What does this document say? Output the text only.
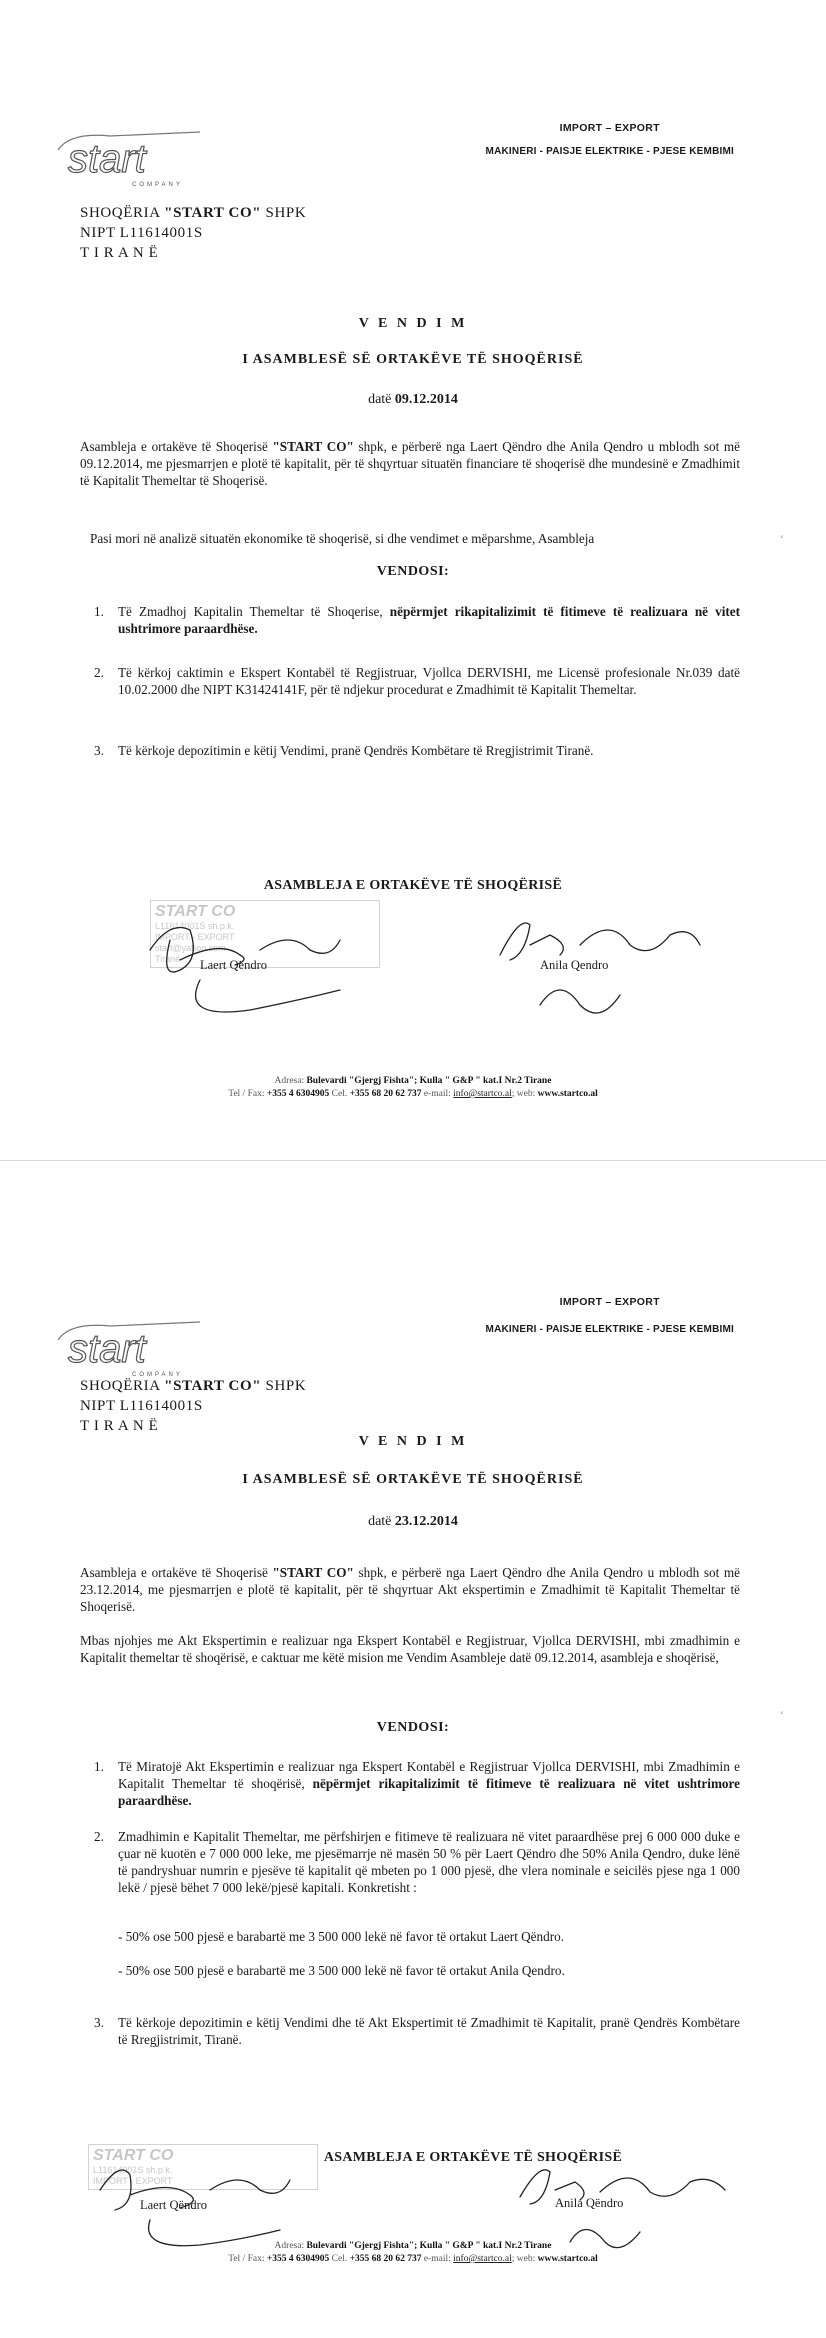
start
COMPANY
IMPORT – EXPORT
MAKINERI - PAISJE ELEKTRIKE - PJESE KEMBIMI
SHOQËRIA "START CO" SHPK
NIPT L11614001S
T I R A N Ë
V E N D I M
I ASAMBLESË SË ORTAKËVE TË SHOQËRISË
datë 09.12.2014
Asambleja e ortakëve të Shoqerisë "START CO" shpk, e përberë nga Laert Qëndro dhe Anila Qendro u mblodh sot më 09.12.2014, me pjesmarrjen e plotë të kapitalit, për të shqyrtuar situatën financiare të shoqerisë dhe mundesinë e Zmadhimit të Kapitalit Themeltar të Shoqerisë.
Pasi mori në analizë situatën ekonomike të shoqerisë, si dhe vendimet e mëparshme, Asambleja	ʻ
VENDOSI:
1. Të Zmadhoj Kapitalin Themeltar të Shoqerise, nëpërmjet rikapitalizimit të fitimeve të realizuara në vitet ushtrimore paraardhëse.
2. Të kërkoj caktimin e Ekspert Kontabël të Regjistruar, Vjollca DERVISHI, me Licensë profesionale Nr.039 datë 10.02.2000 dhe NIPT K31424141F, për të ndjekur procedurat e Zmadhimit të Kapitalit Themeltar.
3. Të kërkoje depozitimin e këtij Vendimi, pranë Qendrës Kombëtare të Rregjistrimit Tiranë.
ASAMBLEJA E ORTAKËVE TË SHOQËRISË
START CO
L11614001S sh.p.k.
IMPORT - EXPORT
start@yahoo.com
Tiranë	Laert Qëndro	Anila Qendro
Adresa: Bulevardi "Gjergj Fishta"; Kulla " G&P " kat.I Nr.2 Tirane
Tel / Fax: +355 4 6304905 Cel. +355 68 20 62 737 e-mail: info@startco.al; web: www.startco.al
start
COMPANY
IMPORT – EXPORT
MAKINERI - PAISJE ELEKTRIKE - PJESE KEMBIMI
SHOQËRIA "START CO" SHPK
NIPT L11614001S
T I R A N Ë
V E N D I M
I ASAMBLESË SË ORTAKËVE TË SHOQËRISË
datë 23.12.2014
Asambleja e ortakëve të Shoqerisë "START CO" shpk, e përberë nga Laert Qëndro dhe Anila Qendro u mblodh sot më 23.12.2014, me pjesmarrjen e plotë të kapitalit, për të shqyrtuar Akt ekspertimin e Zmadhimit të Kapitalit Themeltar të Shoqerisë.
Mbas njohjes me Akt Ekspertimin e realizuar nga Ekspert Kontabël e Regjistruar, Vjollca DERVISHI, mbi zmadhimin e Kapitalit themeltar të shoqërisë, e caktuar me këtë mision me Vendim Asambleje datë 09.12.2014, asambleja e shoqërisë,
ʻ
VENDOSI:
1. Të Miratojë Akt Ekspertimin e realizuar nga Ekspert Kontabël e Regjistruar Vjollca DERVISHI, mbi Zmadhimin e Kapitalit Themeltar të shoqërisë, nëpërmjet rikapitalizimit të fitimeve të realizuara në vitet ushtrimore paraardhëse.
2. Zmadhimin e Kapitalit Themeltar, me përfshirjen e fitimeve të realizuara në vitet paraardhëse prej 6 000 000 duke e çuar në kuotën e 7 000 000 leke, me pjesëmarrje në masën 50 % për Laert Qëndro dhe 50% Anila Qendro, duke lënë të pandryshuar numrin e pjesëve të kapitalit që mbeten po 1 000 pjesë, dhe vlera nominale e seicilës pjese nga 1 000 lekë / pjesë bëhet 7 000 lekë/pjesë kapitali. Konkretisht :
- 50% ose 500 pjesë e barabartë me 3 500 000 lekë në favor të ortakut Laert Qëndro.
- 50% ose 500 pjesë e barabartë me 3 500 000 lekë në favor të ortakut Anila Qendro.
3. Të kërkoje depozitimin e këtij Vendimi dhe të Akt Ekspertimit të Zmadhimit të Kapitalit, pranë Qendrës Kombëtare të Rregjistrimit, Tiranë.
START CO
L11614001S sh.p.k.
IMPORT - EXPORT
ASAMBLEJA E ORTAKËVE TË SHOQËRISË
Laert Qëndro	Anila Qëndro
Adresa: Bulevardi "Gjergj Fishta"; Kulla " G&P " kat.I Nr.2 Tirane
Tel / Fax: +355 4 6304905 Cel. +355 68 20 62 737 e-mail: info@startco.al; web: www.startco.al
